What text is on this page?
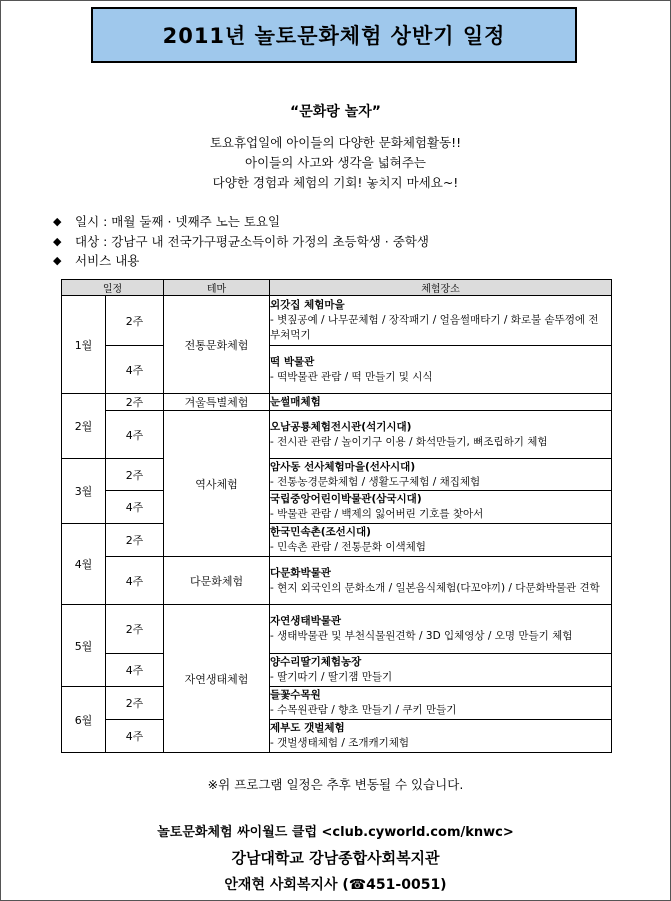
2011년 놀토문화체험 상반기 일정
“문화랑 놀자”
토요휴업일에 아이들의 다양한 문화체험활동!!
아이들의 사고와 생각을 넓혀주는
다양한 경험과 체험의 기회! 놓치지 마세요~!
◆	일시 : 매월 둘째 · 넷째주 노는 토요일
◆	대상 : 강남구 내 전국가구평균소득이하 가정의 초등학생 · 중학생
◆	서비스 내용
일정		테마	체험장소
1월	2주	전통문화체험	외갓집 체험마을
- 볏짚공예 / 나무꾼체험 / 장작패기 / 얼음썰매타기 / 화로불 솥뚜껑에 전 부쳐먹기

	4주		떡 박물관
- 떡박물관 관람 / 떡 만들기 및 시식

2월	2주	겨울특별체험	눈썰매체험

	4주	역사체험	오남공룡체험전시관(석기시대)
- 전시관 관람 / 놀이기구 이용 / 화석만들기, 뼈조립하기 체험

3월	2주		암사동 선사체험마을(선사시대)
- 전통농경문화체험 / 생활도구체험 / 채집체험

	4주		국립중앙어린이박물관(삼국시대)
- 박물관 관람 / 백제의 잃어버린 기호를 찾아서

4월	2주		한국민속촌(조선시대)
- 민속촌 관람 / 전통문화 이색체험

	4주	다문화체험	다문화박물관
- 현지 외국인의 문화소개 / 일본음식체험(다꼬야끼) / 다문화박물관 견학

5월	2주	자연생태체험	자연생태박물관
- 생태박물관 및 부천식물원견학 / 3D 입체영상 / 오명 만들기 체험

	4주		양수리딸기체험농장
- 딸기따기 / 딸기잼 만들기

6월	2주		들꽃수목원
- 수목원관람 / 향초 만들기 / 쿠키 만들기

	4주		제부도 갯벌체험
- 갯벌생태체험 / 조개캐기체험
※위 프로그램 일정은 추후 변동될 수 있습니다.
놀토문화체험 싸이월드 클럽 <club.cyworld.com/knwc>
강남대학교 강남종합사회복지관
안재현 사회복지사 (☎451-0051)
